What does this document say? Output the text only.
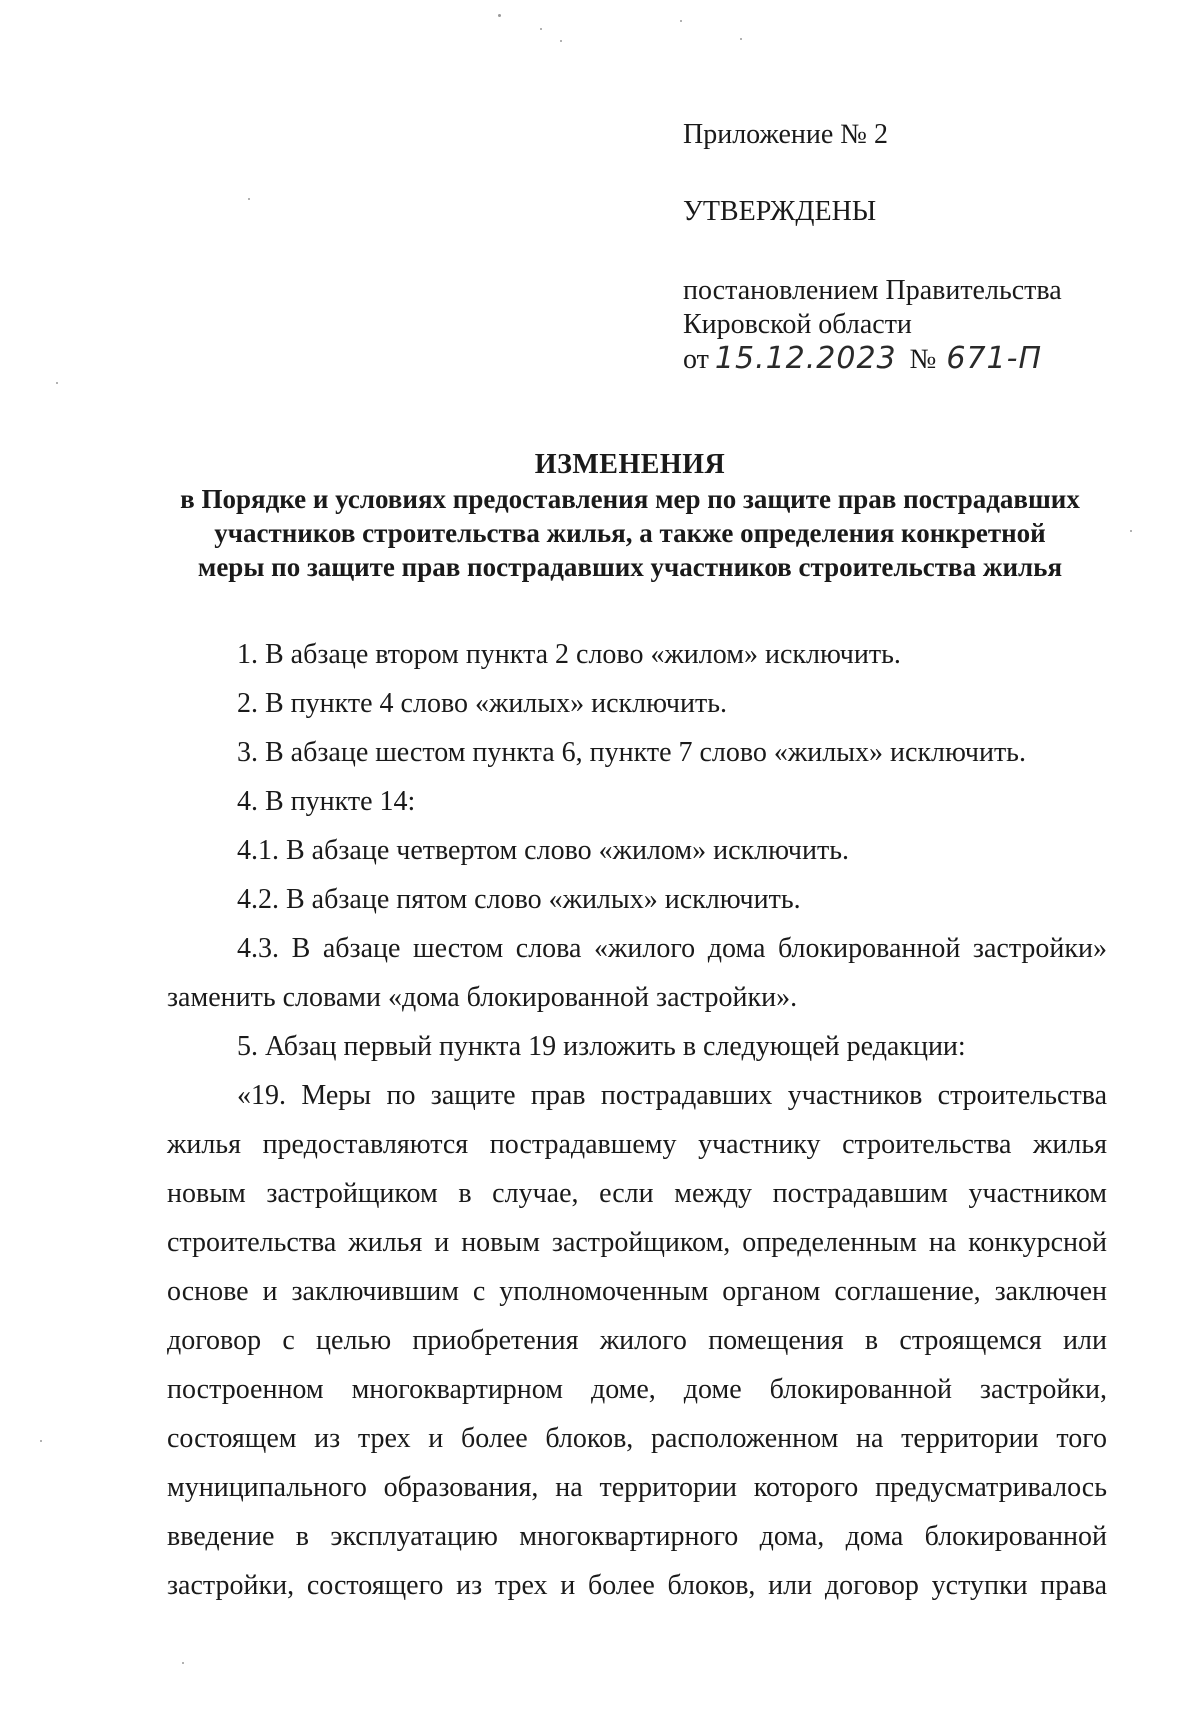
Приложение № 2
УТВЕРЖДЕНЫ
постановлением Правительства
Кировской области
от 15.12.2023 № 671-П
ИЗМЕНЕНИЯ
в Порядке и условиях предоставления мер по защите прав пострадавших
участников строительства жилья, а также определения конкретной
меры по защите прав пострадавших участников строительства жилья

1. В абзаце втором пункта 2 слово «жилом» исключить.

2. В пункте 4 слово «жилых» исключить.

3. В абзаце шестом пункта 6, пункте 7 слово «жилых» исключить.

4. В пункте 14:

4.1. В абзаце четвертом слово «жилом» исключить.

4.2. В абзаце пятом слово «жилых» исключить.

4.3. В абзаце шестом слова «жилого дома блокированной застройки» заменить словами «дома блокированной застройки».

5. Абзац первый пункта 19 изложить в следующей редакции:

«19. Меры по защите прав пострадавших участников строительства жилья предоставляются пострадавшему участнику строительства жилья новым застройщиком в случае, если между пострадавшим участником строительства жилья и новым застройщиком, определенным на конкурсной основе и заключившим с уполномоченным органом соглашение, заключен договор с целью приобретения жилого помещения в строящемся или построенном многоквартирном доме, доме блокированной застройки, состоящем из трех и более блоков, расположенном на территории того муниципального образования, на территории которого предусматривалось введение в эксплуатацию многоквартирного дома, дома блокированной застройки, состоящего из трех и более блоков, или договор уступки права
